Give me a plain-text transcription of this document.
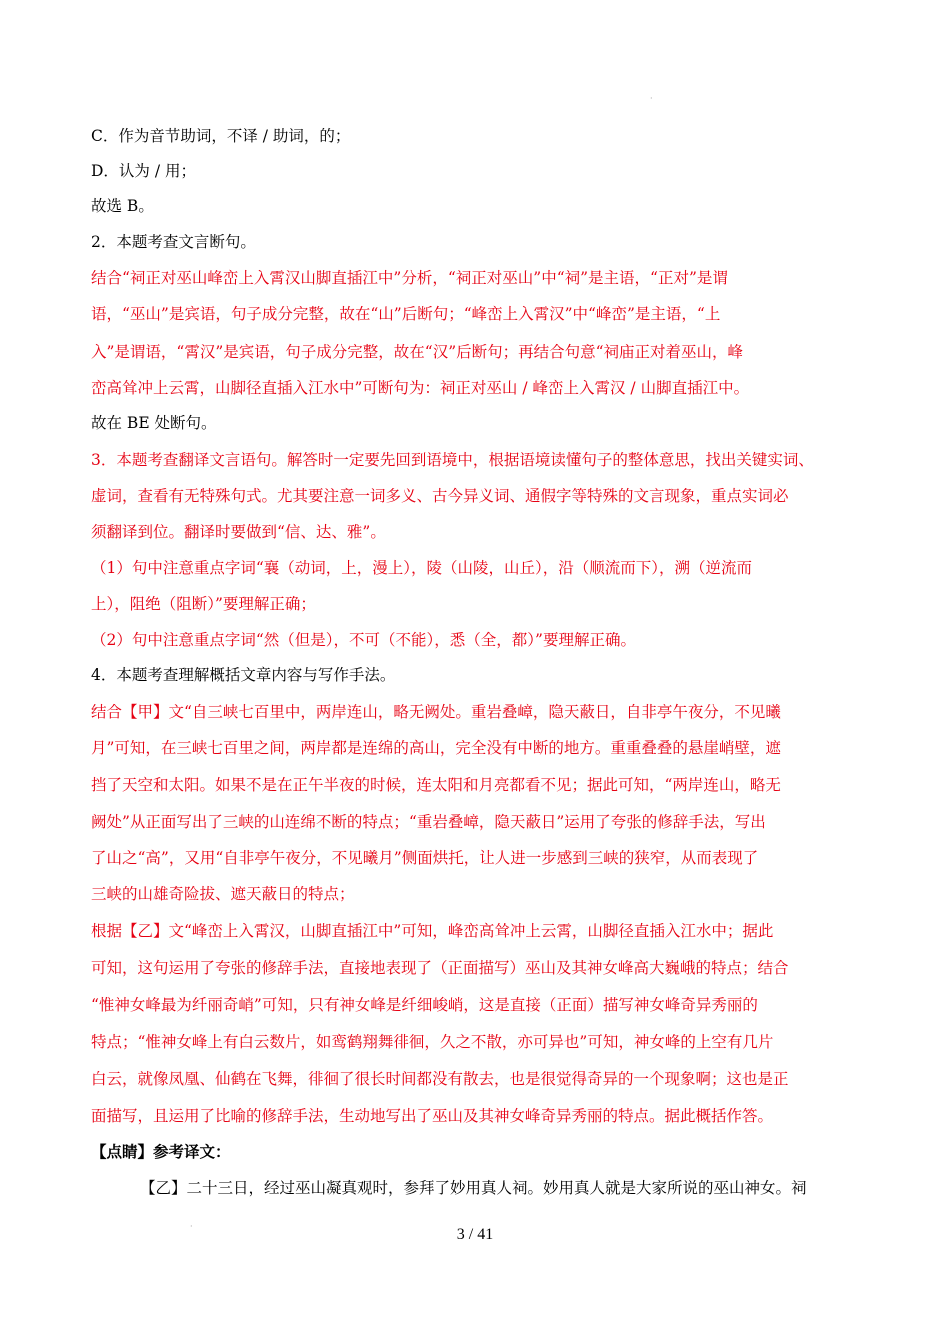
C．作为音节助词，不译 / 助词，的；
D．认为 / 用；
故选 B。
2．本题考查文言断句。
结合“祠正对巫山峰峦上入霄汉山脚直插江中”分析，“祠正对巫山”中“祠”是主语，“正对”是谓
语，“巫山”是宾语，句子成分完整，故在“山”后断句；“峰峦上入霄汉”中“峰峦”是主语，“上
入”是谓语，“霄汉”是宾语，句子成分完整，故在“汉”后断句；再结合句意“祠庙正对着巫山，峰
峦高耸冲上云霄，山脚径直插入江水中”可断句为：祠正对巫山 / 峰峦上入霄汉 / 山脚直插江中。
故在 BE 处断句。
3．本题考查翻译文言语句。解答时一定要先回到语境中，根据语境读懂句子的整体意思，找出关键实词、
虚词，查看有无特殊句式。尤其要注意一词多义、古今异义词、通假字等特殊的文言现象，重点实词必
须翻译到位。翻译时要做到“信、达、雅”。
（1）句中注意重点字词“襄（动词，上，漫上），陵（山陵，山丘），沿（顺流而下），溯（逆流而
上），阻绝（阻断）”要理解正确；
（2）句中注意重点字词“然（但是），不可（不能），悉（全，都）”要理解正确。
4．本题考查理解概括文章内容与写作手法。
结合【甲】文“自三峡七百里中，两岸连山，略无阙处。重岩叠嶂，隐天蔽日，自非亭午夜分，不见曦
月”可知，在三峡七百里之间，两岸都是连绵的高山，完全没有中断的地方。重重叠叠的悬崖峭壁，遮
挡了天空和太阳。如果不是在正午半夜的时候，连太阳和月亮都看不见；据此可知，“两岸连山，略无
阙处”从正面写出了三峡的山连绵不断的特点；“重岩叠嶂，隐天蔽日”运用了夸张的修辞手法，写出
了山之“高”，又用“自非亭午夜分，不见曦月”侧面烘托，让人进一步感到三峡的狭窄，从而表现了
三峡的山雄奇险拔、遮天蔽日的特点；
根据【乙】文“峰峦上入霄汉，山脚直插江中”可知，峰峦高耸冲上云霄，山脚径直插入江水中；据此
可知，这句运用了夸张的修辞手法，直接地表现了（正面描写）巫山及其神女峰高大巍峨的特点；结合
“惟神女峰最为纤丽奇峭”可知，只有神女峰是纤细峻峭，这是直接（正面）描写神女峰奇异秀丽的
特点；“惟神女峰上有白云数片，如鸾鹤翔舞徘徊，久之不散，亦可异也”可知，神女峰的上空有几片
白云，就像凤凰、仙鹤在飞舞，徘徊了很长时间都没有散去，也是很觉得奇异的一个现象啊；这也是正
面描写，且运用了比喻的修辞手法，生动地写出了巫山及其神女峰奇异秀丽的特点。据此概括作答。
【点睛】参考译文：
【乙】二十三日，经过巫山凝真观时，参拜了妙用真人祠。妙用真人就是大家所说的巫山神女。祠
·
·	3 / 41
